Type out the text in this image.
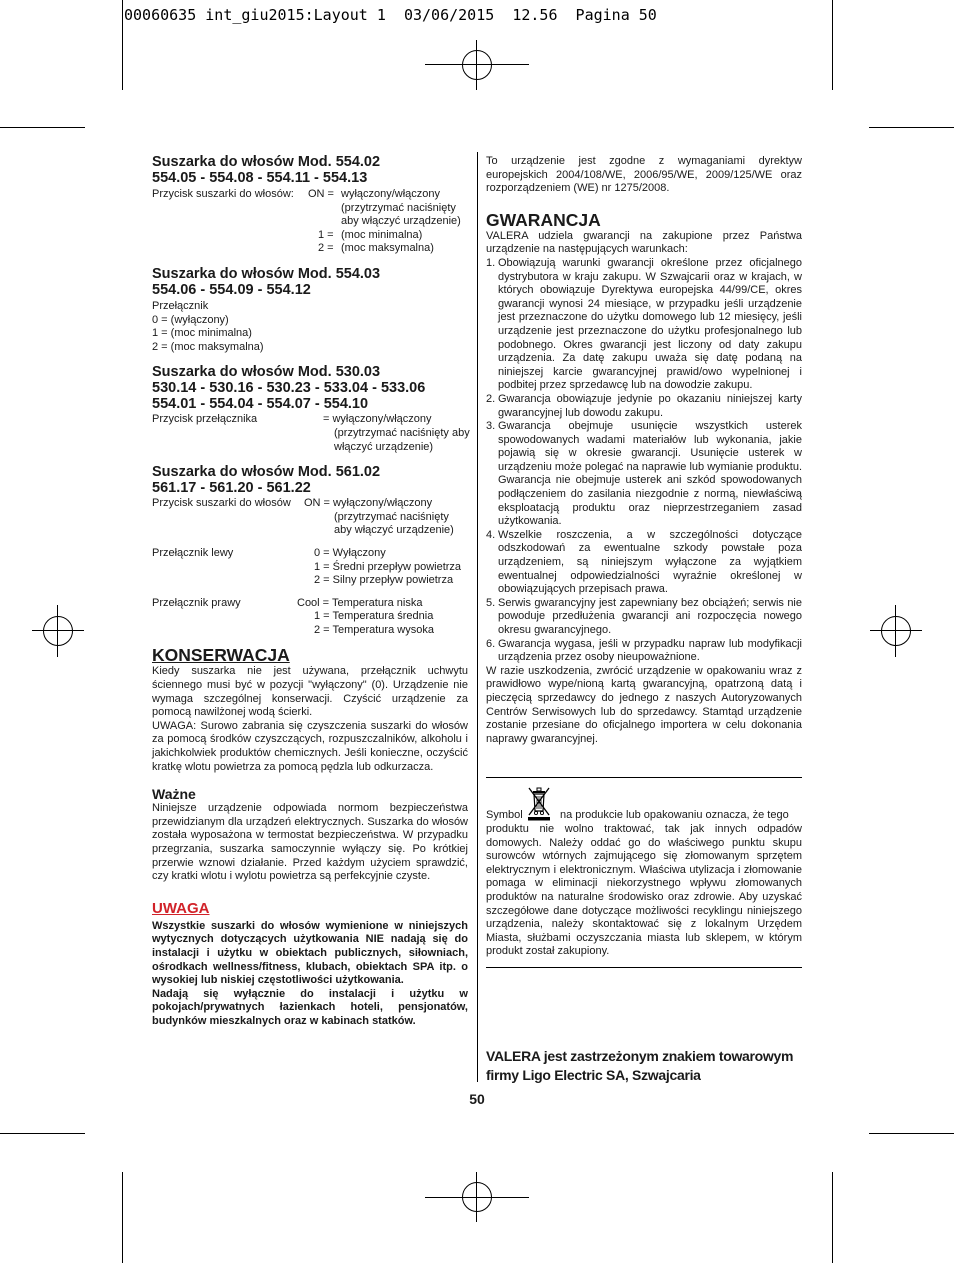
00060635 int_giu2015:Layout 1  03/06/2015  12.56  Pagina 50
Suszarka do włosów Mod. 554.02
554.05 - 554.08 - 554.11 - 554.13
Przycisk suszarki do włosów: ON = wyłączony/włączony
(przytrzymać naciśnięty
aby włączyć urządzenie)
1 = (moc minimalna)
2 = (moc maksymalna)
Suszarka do włosów Mod. 554.03
554.06 - 554.09 - 554.12
Przełącznik
0 = (wyłączony)
1 = (moc minimalna)
2 = (moc maksymalna)
Suszarka do włosów Mod. 530.03
530.14 - 530.16 - 530.23 - 533.04 - 533.06
554.01 - 554.04 - 554.07 - 554.10
Przycisk przełącznika	= wyłączony/włączony
(przytrzymać naciśnięty aby
włączyć urządzenie)
Suszarka do włosów Mod. 561.02
561.17 - 561.20 - 561.22
Przycisk suszarki do włosów ON = wyłączony/włączony
(przytrzymać naciśnięty
aby włączyć urządzenie)
Przełącznik lewy	0 = Wyłączony
1 = Średni przepływ powietrza
2 = Silny przepływ powietrza
Przełącznik prawy	Cool = Temperatura niska
1 = Temperatura średnia
2 = Temperatura wysoka
KONSERWACJA

Kiedy suszarka nie jest używana, przełącznik uchwytu ściennego musi być w pozycji "wyłączony" (0). Urządzenie nie wymaga szczególnej konserwacji. Czyścić urządzenie za pomocą nawilżonej wodą ścierki.

UWAGA: Surowo zabrania się czyszczenia suszarki do włosów za pomocą środków czyszczących, rozpuszczalników, alkoholu i jakichkolwiek produktów chemicznych. Jeśli konieczne, oczyścić kratkę wlotu powietrza za pomocą pędzla lub odkurzacza.

Ważne

Niniejsze urządzenie odpowiada normom bezpieczeństwa przewidzianym dla urządzeń elektrycznych. Suszarka do włosów została wyposażona w termostat bezpieczeństwa. W przypadku przegrzania, suszarka samoczynnie wyłączy się. Po krótkiej przerwie wznowi działanie. Przed każdym użyciem sprawdzić, czy kratki wlotu i wylotu powietrza są perfekcyjnie czyste.

UWAGA

Wszystkie suszarki do włosów wymienione w niniejszych wytycznych dotyczących użytkowania NIE nadają się do instalacji i użytku w obiektach publicznych, siłowniach, ośrodkach wellness/fitness, klubach, obiektach SPA itp. o wysokiej lub niskiej częstotliwości użytkowania.

Nadają się wyłącznie do instalacji i użytku w pokojach/prywatnych łazienkach hoteli, pensjonatów, budynków mieszkalnych oraz w kabinach statków.

To urządzenie jest zgodne z wymaganiami dyrektyw europejskich 2004/108/WE, 2006/95/WE, 2009/125/WE oraz rozporządzeniem (WE) nr 1275/2008.

GWARANCJA

VALERA udziela gwarancji na zakupione przez Państwa urządzenie na następujących warunkach:

1. Obowiązują warunki gwarancji określone przez oficjalnego dystrybutora w kraju zakupu. W Szwajcarii oraz w krajach, w których obowiązuje Dyrektywa europejska 44/99/CE, okres gwarancji wynosi 24 miesiące, w przypadku jeśli urządzenie jest przeznaczone do użytku domowego lub 12 miesięcy, jeśli urządzenie jest przeznaczone do użytku profesjonalnego lub podobnego. Okres gwarancji jest liczony od daty zakupu urządzenia. Za datę zakupu uważa się datę podaną na niniejszej karcie gwarancyjnej prawid/owo wypelnionej i podbitej przez sprzedawcę lub na dowodzie zakupu.
2. Gwarancja obowiązuje jedynie po okazaniu niniejszej karty gwarancyjnej lub dowodu zakupu.
3. Gwarancja obejmuje usunięcie wszystkich usterek spowodowanych wadami materiałów lub wykonania, jakie pojawią się w okresie gwarancji. Usunięcie usterek w urządzeniu może polegać na naprawie lub wymianie produktu. Gwarancja nie obejmuje usterek ani szkód spowodowanych podłączeniem do zasilania niezgodnie z normą, niewłaściwą eksploatacją produktu oraz nieprzestrzeganiem zasad użytkowania.
4. Wszelkie roszczenia, a w szczególności dotyczące odszkodowań za ewentualne szkody powstałe poza urządzeniem, są niniejszym wyłączone za wyjątkiem ewentualnej odpowiedzialności wyraźnie określonej w obowiązujących przepisach prawa.
5. Serwis gwarancyjny jest zapewniany bez obciążeń; serwis nie powoduje przedłużenia gwarancji ani rozpoczęcia nowego okresu gwarancyjnego.
6. Gwarancja wygasa, jeśli w przypadku napraw lub modyfikacji urządzenia przez osoby nieupoważnione.

W razie uszkodzenia, zwrócić urządzenie w opakowaniu wraz z prawidłowo wype/nioną kartą gwarancyjną, opatrzoną datą i pieczęcią sprzedawcy do jednego z naszych Autoryzowanych Centrów Serwisowych lub do sprzedawcy. Stamtąd urządzenie zostanie przesiane do oficjalnego importera w celu dokonania naprawy gwarancyjnej.

Symbol	na produkcie lub opakowaniu oznacza, że tego

produktu nie wolno traktować, tak jak innych odpadów domowych. Należy oddać go do właściwego punktu skupu surowców wtórnych zajmującego się złomowanym sprzętem elektrycznym i elektronicznym. Właściwa utylizacja i złomowanie pomaga w eliminacji niekorzystnego wpływu złomowanych produktów na naturalne środowisko oraz zdrowie. Aby uzyskać szczegółowe dane dotyczące możliwości recyklingu niniejszego urządzenia, należy skontaktować się z lokalnym Urzędem Miasta, służbami oczyszczania miasta lub sklepem, w którym produkt został zakupiony.

VALERA jest zastrzeżonym znakiem towarowym firmy Ligo Electric SA, Szwajcaria
50
